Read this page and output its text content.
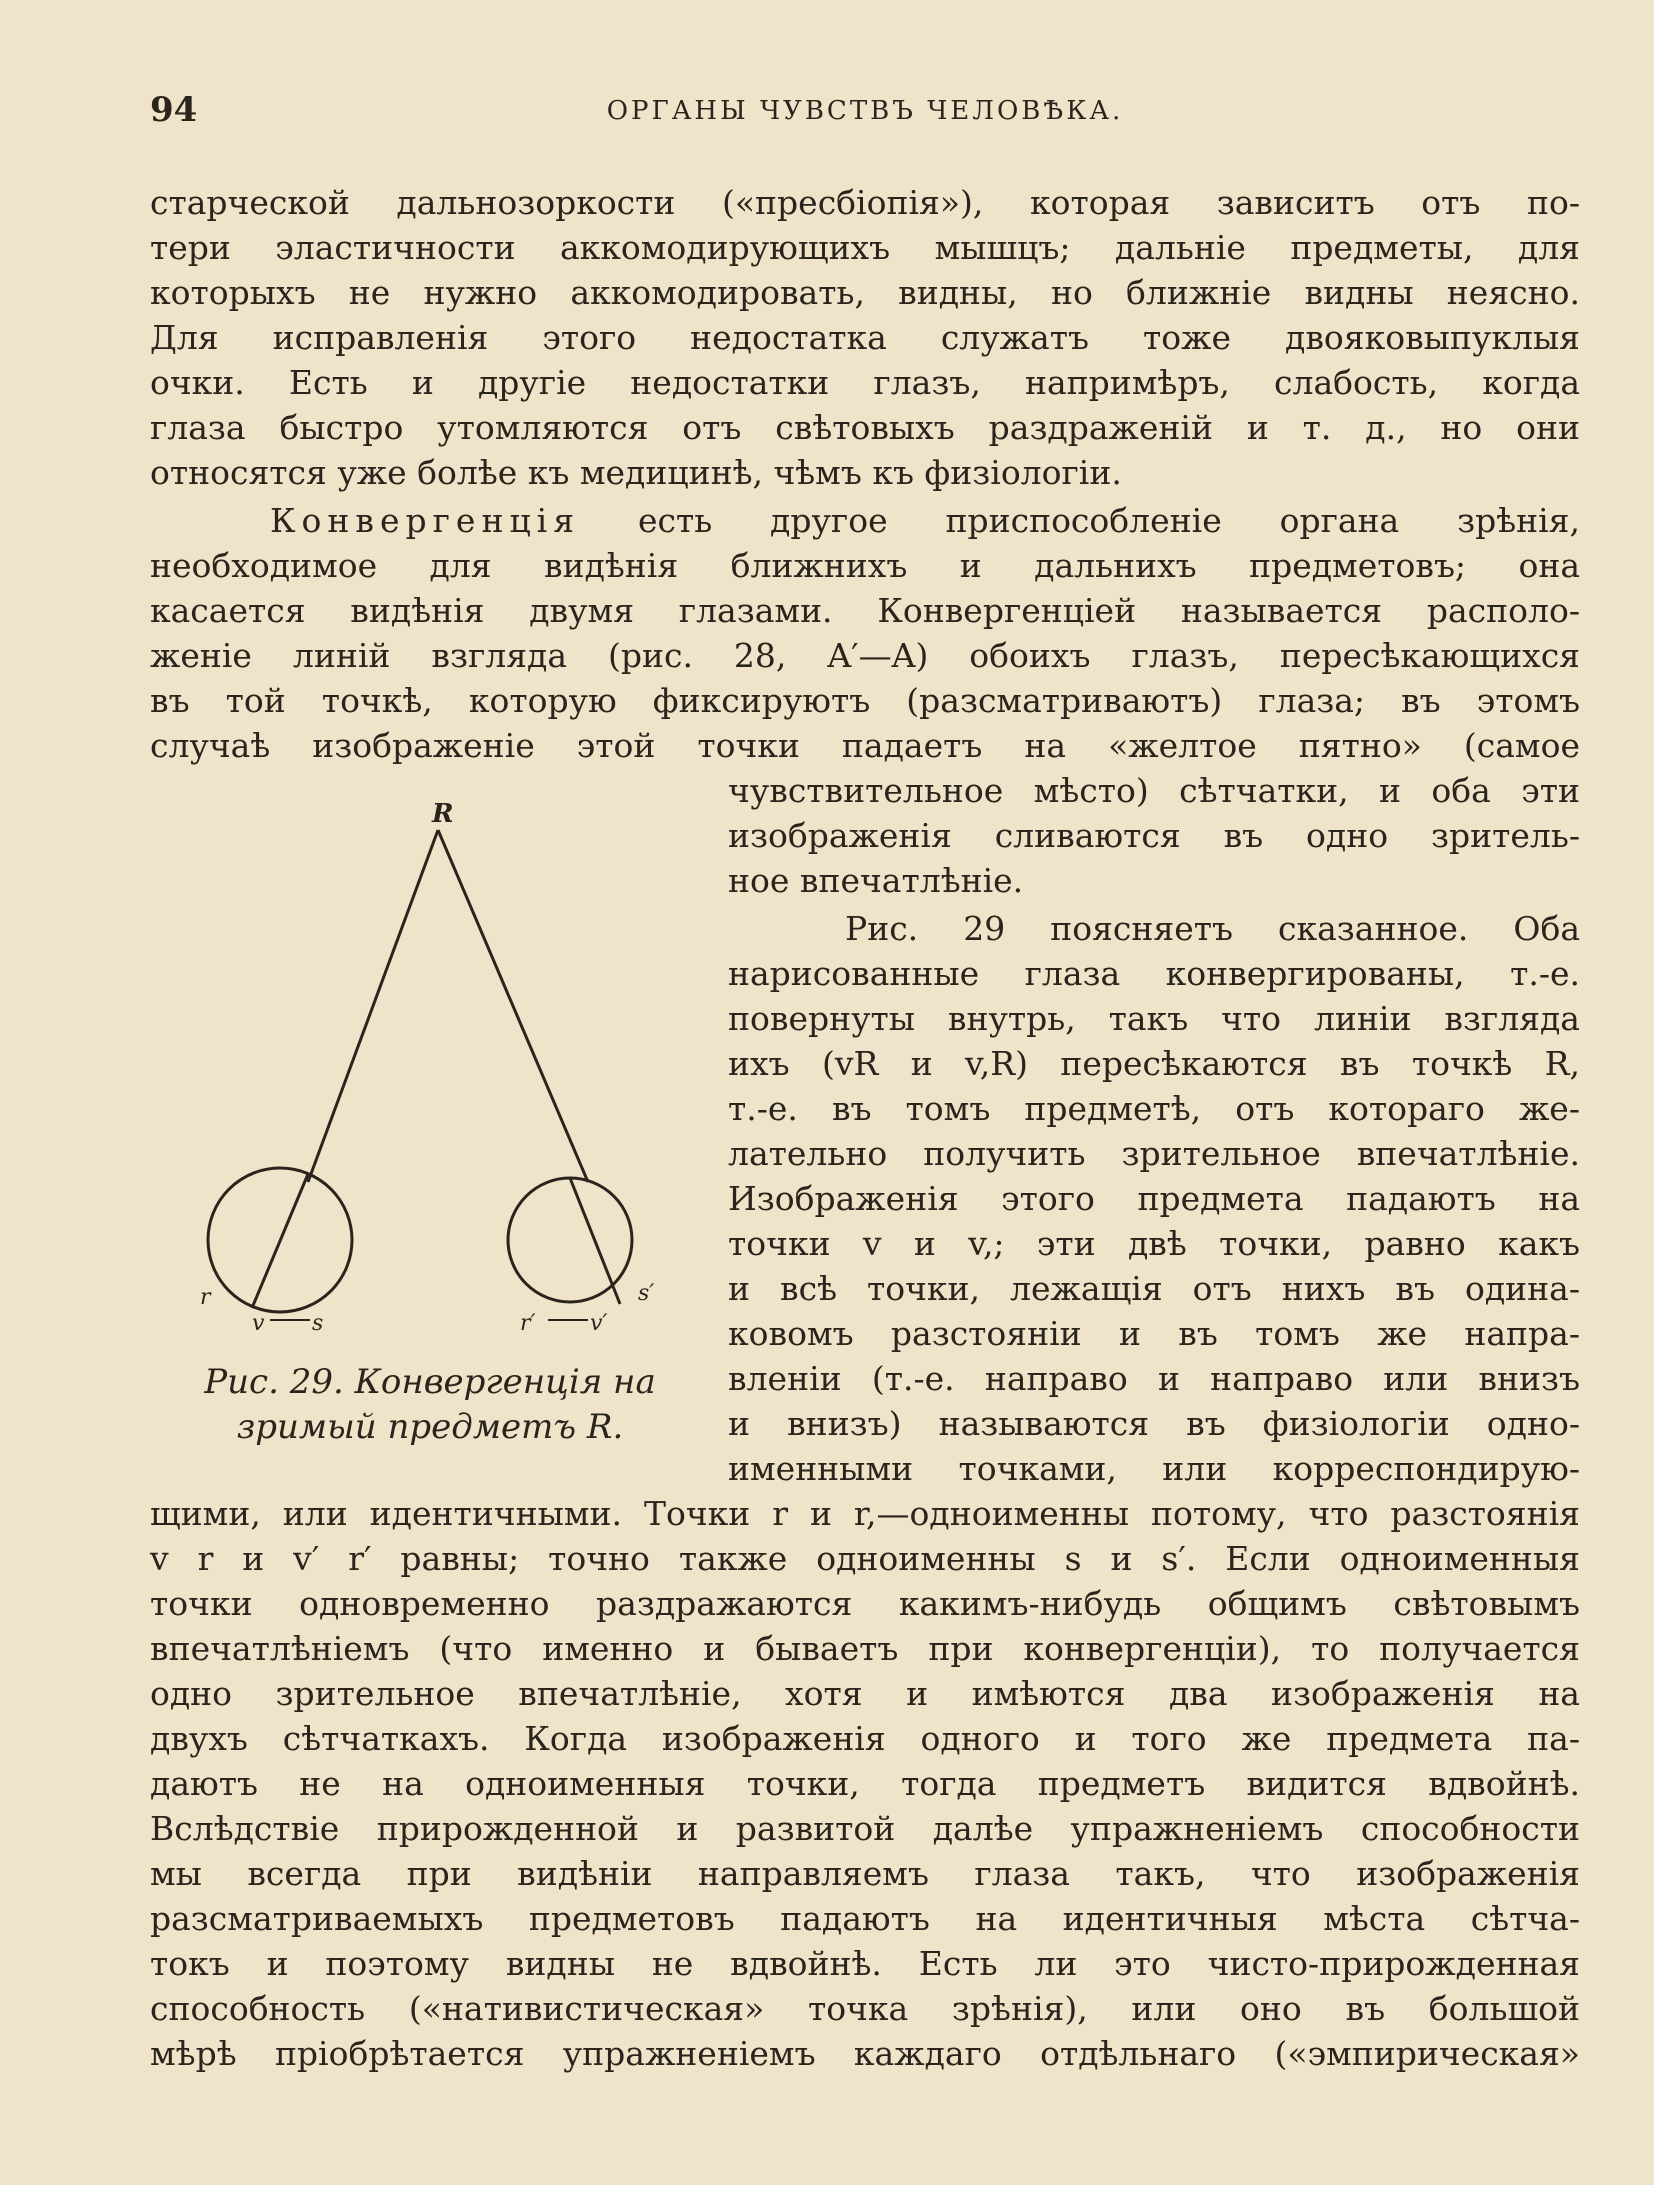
94	ОРГАНЫ ЧУВСТВЪ ЧЕЛОВѢКА.

старческой дальнозоркости («пресбіопія»), которая зависитъ отъ по-

тери эластичности аккомодирующихъ мышцъ; дальніе предметы, для

которыхъ не нужно аккомодировать, видны, но ближніе видны неясно.

Для исправленія этого недостатка служатъ тоже двояковыпуклыя

очки. Есть и другіе недостатки глазъ, напримѣръ, слабость, когда

глаза быстро утомляются отъ свѣтовыхъ раздраженій и т. д., но они

относятся уже болѣе къ медицинѣ, чѣмъ къ физіологіи.

Конвергенція есть другое приспособленіе органа зрѣнія,

необходимое для видѣнія ближнихъ и дальнихъ предметовъ; она

касается видѣнія двумя глазами. Конвергенціей называется располо-

женіе линій взгляда (рис. 28, A′—A) обоихъ глазъ, пересѣкающихся

въ той точкѣ, которую фиксируютъ (разсматриваютъ) глаза; въ этомъ

случаѣ изображеніе этой точки падаетъ на «желтое пятно» (самое

чувствительное мѣсто) сѣтчатки, и оба эти

изображенія сливаются въ одно зритель-

ное впечатлѣніе.

Рис. 29 поясняетъ сказанное. Оба

нарисованные глаза конвергированы, т.-е.

повернуты внутрь, такъ что линіи взгляда

ихъ (vR и v,R) пересѣкаются въ точкѣ R,

т.-е. въ томъ предметѣ, отъ котораго же-

лательно получить зрительное впечатлѣніе.

Изображенія этого предмета падаютъ на

точки v и v,; эти двѣ точки, равно какъ

и всѣ точки, лежащія отъ нихъ въ одина-

ковомъ разстояніи и въ томъ же напра-

вленіи (т.-е. направо и направо или внизъ

и внизъ) называются въ физіологіи одно-

именными точками, или корреспондирую-

щими, или идентичными. Точки r и r,—одноименны потому, что разстоянія

v r и v′ r′ равны; точно также одноименны s и s′. Если одноименныя

точки одновременно раздражаются какимъ-нибудь общимъ свѣтовымъ

впечатлѣніемъ (что именно и бываетъ при конвергенціи), то получается

одно зрительное впечатлѣніе, хотя и имѣются два изображенія на

двухъ сѣтчаткахъ. Когда изображенія одного и того же предмета па-

даютъ не на одноименныя точки, тогда предметъ видится вдвойнѣ.

Вслѣдствіе прирожденной и развитой далѣе упражненіемъ способности

мы всегда при видѣніи направляемъ глаза такъ, что изображенія

разсматриваемыхъ предметовъ падаютъ на идентичныя мѣста сѣтча-

токъ и поэтому видны не вдвойнѣ. Есть ли это чисто-прирожденная

способность («нативистическая» точка зрѣнія), или оно въ большой

мѣрѣ пріобрѣтается упражненіемъ каждаго отдѣльнаго («эмпирическая»

R
r
v s	r′ v′
s′
Рис. 29. Конвергенція на
зримый предметъ R.
